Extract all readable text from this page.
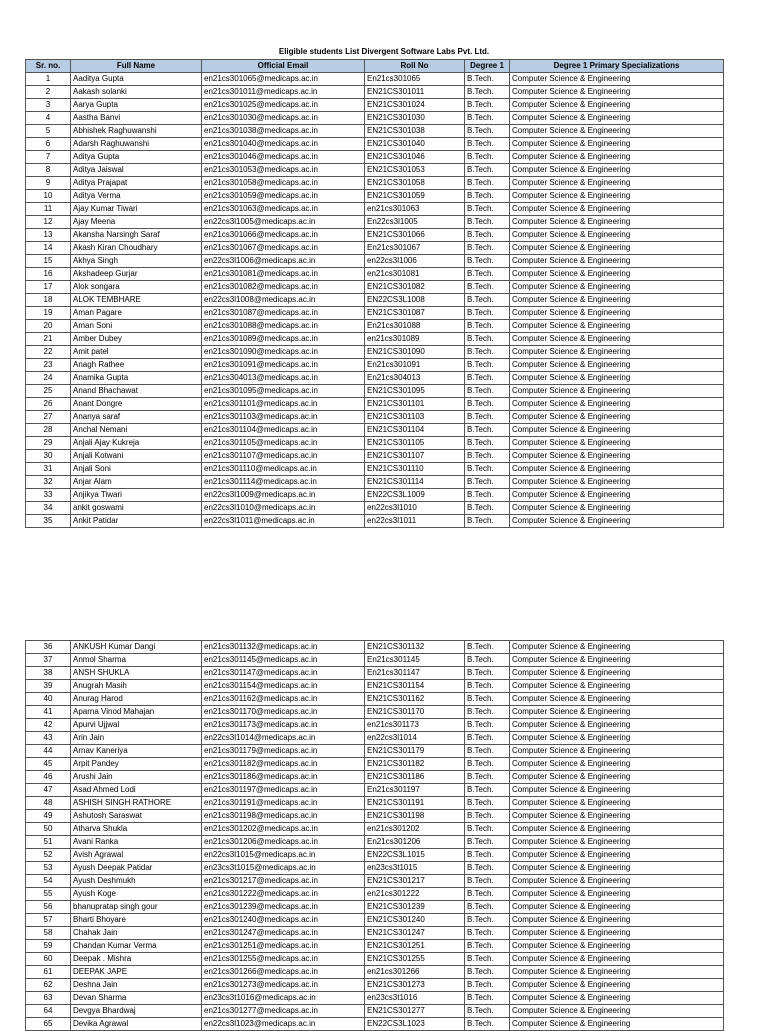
Eligible students List Divergent Software Labs Pvt. Ltd.
Sr. no.	Full Name	Official Email	Roll No	Degree 1	Degree 1 Primary Specializations
1	Aaditya Gupta	en21cs301065@medicaps.ac.in	En21cs301065	B.Tech.	Computer Science & Engineering
2	Aakash solanki	en21cs301011@medicaps.ac.in	EN21CS301011	B.Tech.	Computer Science & Engineering
3	Aarya Gupta	en21cs301025@medicaps.ac.in	EN21CS301024	B.Tech.	Computer Science & Engineering
4	Aastha Banvi	en21cs301030@medicaps.ac.in	EN21CS301030	B.Tech.	Computer Science & Engineering
5	Abhishek Raghuwanshi	en21cs301038@medicaps.ac.in	EN21CS301038	B.Tech.	Computer Science & Engineering
6	Adarsh Raghuwanshi	en21cs301040@medicaps.ac.in	EN21CS301040	B.Tech.	Computer Science & Engineering
7	Aditya Gupta	en21cs301046@medicaps.ac.in	EN21CS301046	B.Tech.	Computer Science & Engineering
8	Aditya Jaiswal	en21cs301053@medicaps.ac.in	EN21CS301053	B.Tech.	Computer Science & Engineering
9	Aditya Prajapat	en21cs301058@medicaps.ac.in	EN21CS301058	B.Tech.	Computer Science & Engineering
10	Aditya Verma	en21cs301059@medicaps.ac.in	EN21CS301059	B.Tech.	Computer Science & Engineering
11	Ajay Kumar Tiwari	en21cs301063@medicaps.ac.in	en21cs301063	B.Tech.	Computer Science & Engineering
12	Ajay Meena	en22cs3l1005@medicaps.ac.in	En22cs3l1005	B.Tech.	Computer Science & Engineering
13	Akansha Narsingh Saraf	en21cs301066@medicaps.ac.in	EN21CS301066	B.Tech.	Computer Science & Engineering
14	Akash Kiran Choudhary	en21cs301067@medicaps.ac.in	En21cs301067	B.Tech.	Computer Science & Engineering
15	Akhya Singh	en22cs3l1006@medicaps.ac.in	en22cs3l1006	B.Tech.	Computer Science & Engineering
16	Akshadeep Gurjar	en21cs301081@medicaps.ac.in	en21cs301081	B.Tech.	Computer Science & Engineering
17	Alok songara	en21cs301082@medicaps.ac.in	EN21CS301082	B.Tech.	Computer Science & Engineering
18	ALOK TEMBHARE	en22cs3l1008@medicaps.ac.in	EN22CS3L1008	B.Tech.	Computer Science & Engineering
19	Aman Pagare	en21cs301087@medicaps.ac.in	EN21CS301087	B.Tech.	Computer Science & Engineering
20	Aman Soni	en21cs301088@medicaps.ac.in	En21cs301088	B.Tech.	Computer Science & Engineering
21	Amber Dubey	en21cs301089@medicaps.ac.in	en21cs301089	B.Tech.	Computer Science & Engineering
22	Amit patel	en21cs301090@medicaps.ac.in	EN21CS301090	B.Tech.	Computer Science & Engineering
23	Anagh Rathee	en21cs301091@medicaps.ac.in	En21cs301091	B.Tech.	Computer Science & Engineering
24	Anamika Gupta	en21cs304013@medicaps.ac.in	En21cs304013	B.Tech.	Computer Science & Engineering
25	Anand Bhachawat	en21cs301095@medicaps.ac.in	EN21CS301095	B.Tech.	Computer Science & Engineering
26	Anant Dongre	en21cs301101@medicaps.ac.in	EN21CS301101	B.Tech.	Computer Science & Engineering
27	Ananya saraf	en21cs301103@medicaps.ac.in	EN21CS301103	B.Tech.	Computer Science & Engineering
28	Anchal Nemani	en21cs301104@medicaps.ac.in	EN21CS301104	B.Tech.	Computer Science & Engineering
29	Anjali Ajay Kukreja	en21cs301105@medicaps.ac.in	EN21CS301105	B.Tech.	Computer Science & Engineering
30	Anjali Kotwani	en21cs301107@medicaps.ac.in	EN21CS301107	B.Tech.	Computer Science & Engineering
31	Anjali Soni	en21cs301110@medicaps.ac.in	EN21CS301110	B.Tech.	Computer Science & Engineering
32	Anjar Alam	en21cs301114@medicaps.ac.in	EN21CS301114	B.Tech.	Computer Science & Engineering
33	Anjikya Tiwari	en22cs3l1009@medicaps.ac.in	EN22CS3L1009	B.Tech.	Computer Science & Engineering
34	ankit goswami	en22cs3l1010@medicaps.ac.in	en22cs3l1010	B.Tech.	Computer Science & Engineering
35	Ankit Patidar	en22cs3l1011@medicaps.ac.in	en22cs3l1011	B.Tech.	Computer Science & Engineering
36	ANKUSH Kumar Dangi	en21cs301132@medicaps.ac.in	EN21CS301132	B.Tech.	Computer Science & Engineering
37	Anmol Sharma	en21cs301145@medicaps.ac.in	En21cs301145	B.Tech.	Computer Science & Engineering
38	ANSH SHUKLA	en21cs301147@medicaps.ac.in	En21cs301147	B.Tech.	Computer Science & Engineering
39	Anugrah Masih	en21cs301154@medicaps.ac.in	EN21CS301154	B.Tech.	Computer Science & Engineering
40	Anurag Harod	en21cs301162@medicaps.ac.in	EN21CS301162	B.Tech.	Computer Science & Engineering
41	Aparna Vinod Mahajan	en21cs301170@medicaps.ac.in	EN21CS301170	B.Tech.	Computer Science & Engineering
42	Apurvi Ujjwal	en21cs301173@medicaps.ac.in	en21cs301173	B.Tech.	Computer Science & Engineering
43	Arin Jain	en22cs3l1014@medicaps.ac.in	en22cs3l1014	B.Tech.	Computer Science & Engineering
44	Arnav Kaneriya	en21cs301179@medicaps.ac.in	EN21CS301179	B.Tech.	Computer Science & Engineering
45	Arpit Pandey	en21cs301182@medicaps.ac.in	EN21CS301182	B.Tech.	Computer Science & Engineering
46	Arushi Jain	en21cs301186@medicaps.ac.in	EN21CS301186	B.Tech.	Computer Science & Engineering
47	Asad Ahmed Lodi	en21cs301197@medicaps.ac.in	En21cs301197	B.Tech.	Computer Science & Engineering
48	ASHISH SINGH RATHORE	en21cs301191@medicaps.ac.in	EN21CS301191	B.Tech.	Computer Science & Engineering
49	Ashutosh Saraswat	en21cs301198@medicaps.ac.in	EN21CS301198	B.Tech.	Computer Science & Engineering
50	Atharva Shukla	en21cs301202@medicaps.ac.in	en21cs301202	B.Tech.	Computer Science & Engineering
51	Avani Ranka	en21cs301206@medicaps.ac.in	En21cs301206	B.Tech.	Computer Science & Engineering
52	Avish Agrawal	en22cs3l1015@medicaps.ac.in	EN22CS3L1015	B.Tech.	Computer Science & Engineering
53	Ayush Deepak Patidar	en23cs3t1015@medicaps.ac.in	en23cs3t1015	B.Tech.	Computer Science & Engineering
54	Ayush Deshmukh	en21cs301217@medicaps.ac.in	EN21CS301217	B.Tech.	Computer Science & Engineering
55	Ayush Koge	en21cs301222@medicaps.ac.in	en21cs301222	B.Tech.	Computer Science & Engineering
56	bhanupratap singh gour	en21cs301239@medicaps.ac.in	EN21CS301239	B.Tech.	Computer Science & Engineering
57	Bharti Bhoyare	en21cs301240@medicaps.ac.in	EN21CS301240	B.Tech.	Computer Science & Engineering
58	Chahak Jain	en21cs301247@medicaps.ac.in	EN21CS301247	B.Tech.	Computer Science & Engineering
59	Chandan Kumar Verma	en21cs301251@medicaps.ac.in	EN21CS301251	B.Tech.	Computer Science & Engineering
60	Deepak . Mishra	en21cs301255@medicaps.ac.in	EN21CS301255	B.Tech.	Computer Science & Engineering
61	DEEPAK JAPE	en21cs301266@medicaps.ac.in	en21cs301266	B.Tech.	Computer Science & Engineering
62	Deshna Jain	en21cs301273@medicaps.ac.in	EN21CS301273	B.Tech.	Computer Science & Engineering
63	Devan Sharma	en23cs3t1016@medicaps.ac.in	en23cs3t1016	B.Tech.	Computer Science & Engineering
64	Devgya Bhardwaj	en21cs301277@medicaps.ac.in	EN21CS301277	B.Tech.	Computer Science & Engineering
65	Devika Agrawal	en22cs3l1023@medicaps.ac.in	EN22CS3L1023	B.Tech.	Computer Science & Engineering
